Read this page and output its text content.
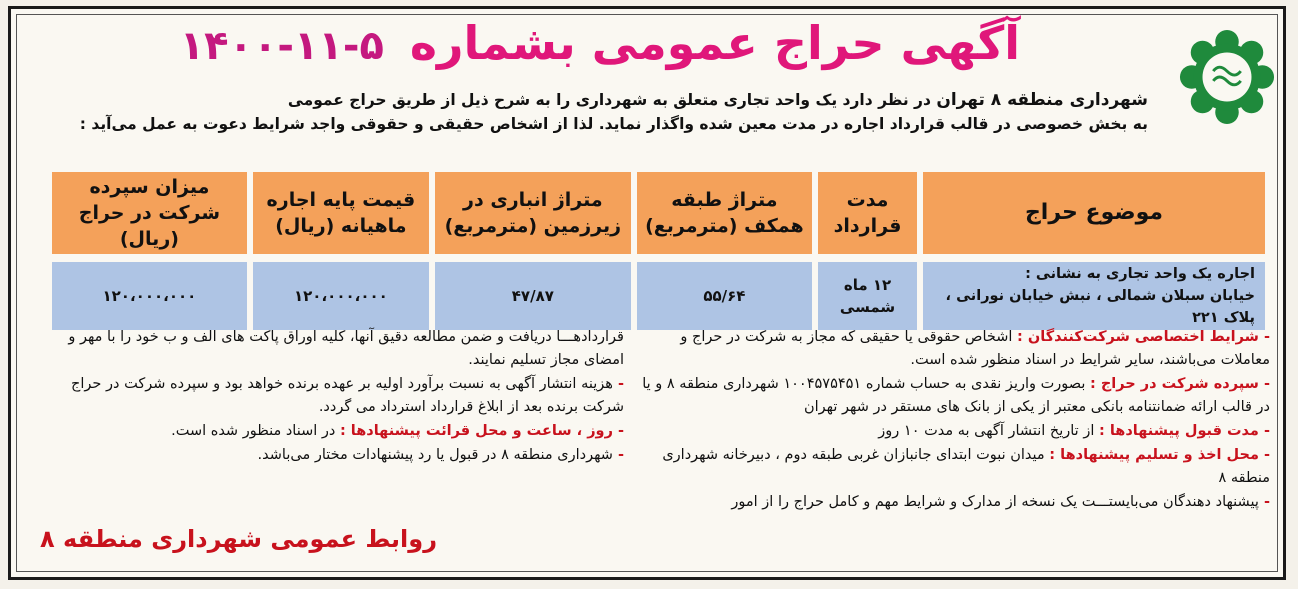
آگهی حراج عمومی بشماره ۵-۱۱-۱۴۰۰
شهرداری منطقه ۸ تهران در نظر دارد یک واحد تجاری متعلق به شهرداری را به شرح ذیل از طریق حراج عمومی
به بخش خصوصی در قالب قرارداد اجاره در مدت معین شده واگذار نماید. لذا از اشخاص حقیقی و حقوقی واجد شرایط دعوت به عمل می‌آید :
موضوع حراج	مدت قرارداد	متراژ طبقه همکف (مترمربع)	متراژ انباری در زیرزمین (مترمربع)	قیمت پایه اجاره ماهیانه (ریال)	میزان سپرده شرکت در حراج (ریال)

اجاره یک واحد تجاری به نشانی :
خیابان سبلان شمالی ، نبش خیابان نورانی ، پلاک ۲۲۱	۱۲ ماه شمسی	۵۵/۶۴	۴۷/۸۷	۱۲۰،۰۰۰،۰۰۰	۱۲۰،۰۰۰،۰۰۰

- شرایط اختصاصی شرکت‌کنندگان : اشخاص حقوقی یا حقیقی که مجاز به شرکت در حراج و معاملات می‌باشند، سایر شرایط در اسناد منظور شده است.

- سپرده شرکت در حراج : بصورت واریز نقدی به حساب شماره ۱۰۰۴۵۷۵۴۵۱ شهرداری منطقه ۸ و یا در قالب ارائه ضمانتنامه بانکی معتبر از یکی از بانک های مستقر در شهر تهران

- مدت قبول پیشنهادها : از تاریخ انتشار آگهی به مدت ۱۰ روز

- محل اخذ و تسلیم پیشنهادها : میدان نبوت ابتدای جانبازان غربی طبقه دوم ، دبیرخانه شهرداری منطقه ۸

- پیشنهاد دهندگان می‌بایستـــت یک نسخه از مدارک و شرایط مهم و کامل حراج را از امور

قراردادهـــا دریافت و ضمن مطالعه دقیق آنها، کلیه اوراق پاکت های الف و ب خود را با مهر و امضای مجاز تسلیم نمایند.

- هزینه انتشار آگهی به نسبت برآورد اولیه بر عهده برنده خواهد بود و سپرده شرکت در حراج شرکت برنده بعد از ابلاغ قرارداد استرداد می گردد.

- روز ، ساعت و محل قرائت پیشنهادها : در اسناد منظور شده است.

- شهرداری منطقه ۸ در قبول یا رد پیشنهادات مختار می‌باشد.

روابط عمومی شهرداری منطقه ۸
